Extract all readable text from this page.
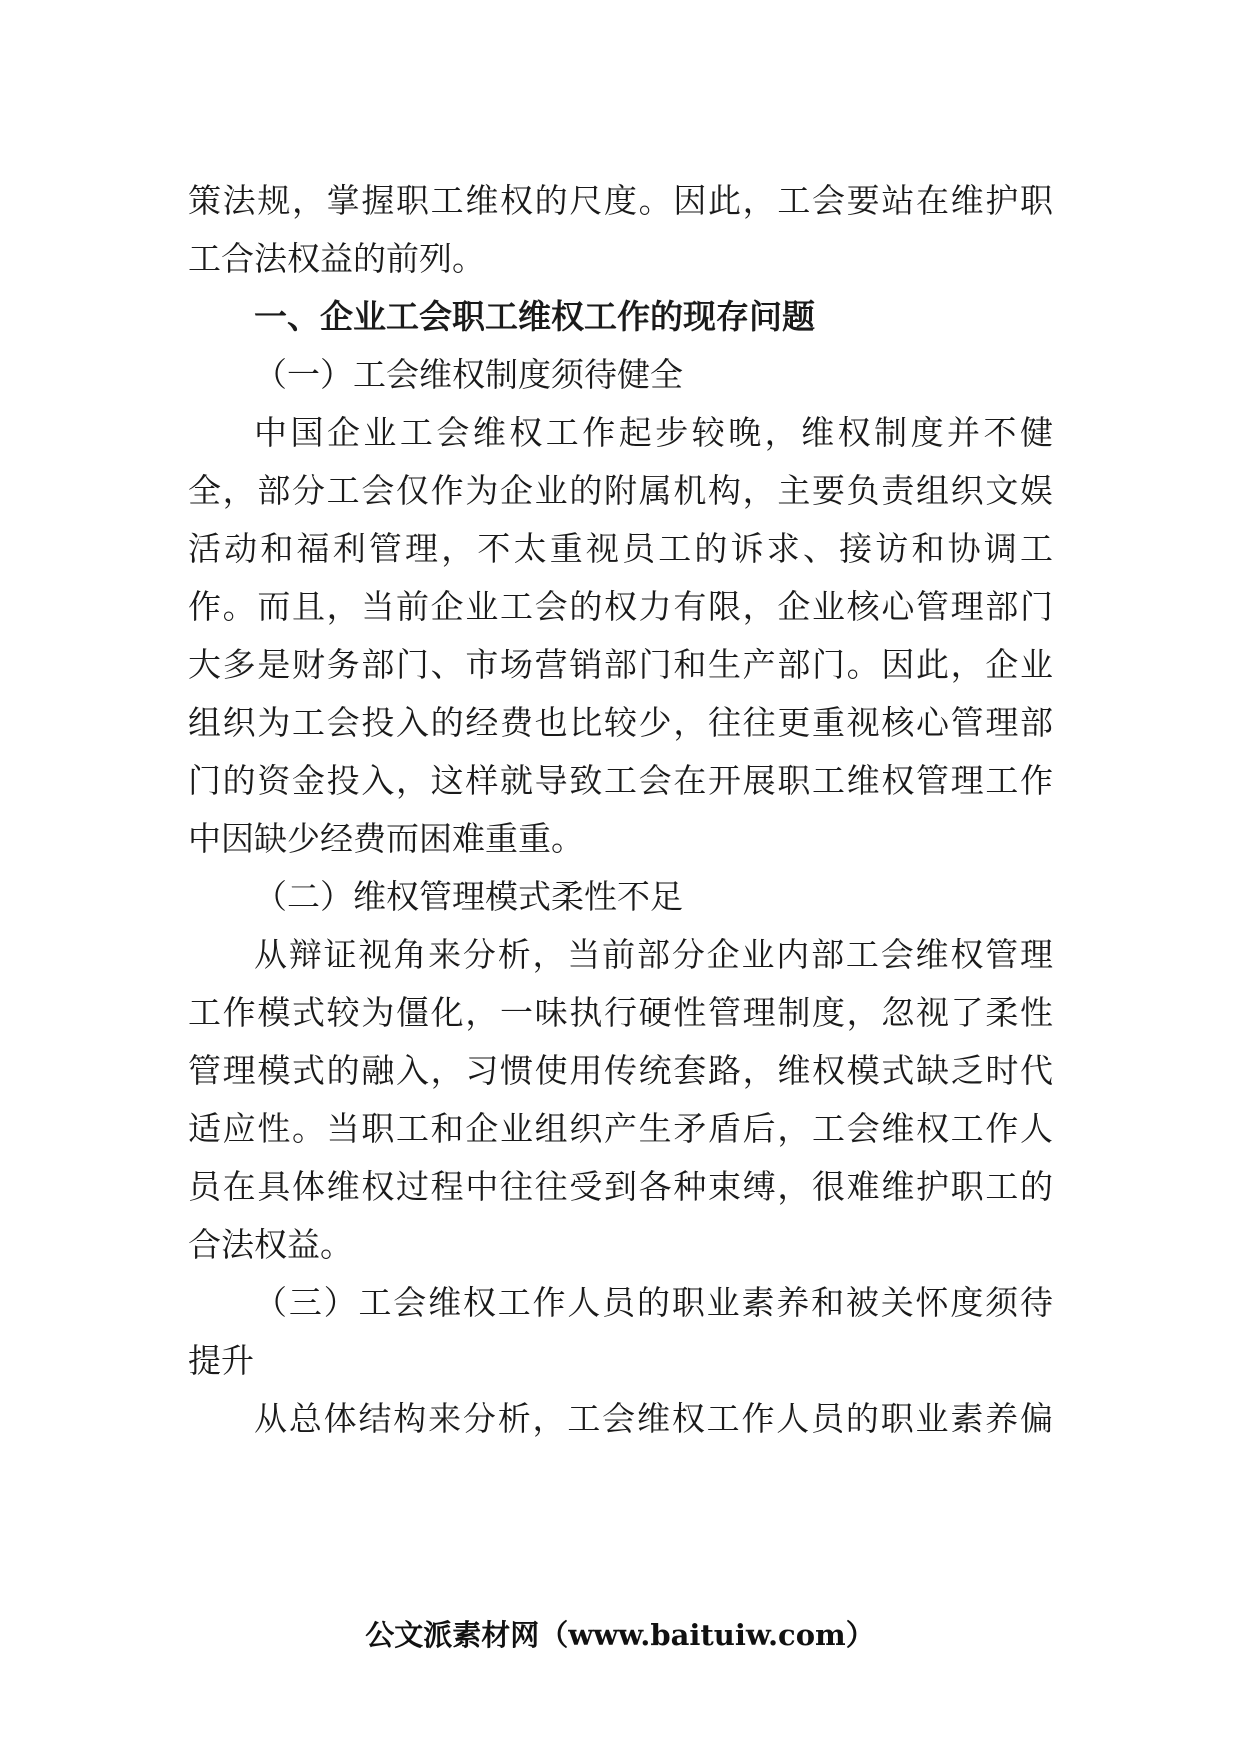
策法规，掌握职工维权的尺度。因此，工会要站在维护职
工合法权益的前列。
一、企业工会职工维权工作的现存问题
（一）工会维权制度须待健全
中国企业工会维权工作起步较晚，维权制度并不健
全，部分工会仅作为企业的附属机构，主要负责组织文娱
活动和福利管理，不太重视员工的诉求、接访和协调工
作。而且，当前企业工会的权力有限，企业核心管理部门
大多是财务部门、市场营销部门和生产部门。因此，企业
组织为工会投入的经费也比较少，往往更重视核心管理部
门的资金投入，这样就导致工会在开展职工维权管理工作
中因缺少经费而困难重重。
（二）维权管理模式柔性不足
从辩证视角来分析，当前部分企业内部工会维权管理
工作模式较为僵化，一味执行硬性管理制度，忽视了柔性
管理模式的融入，习惯使用传统套路，维权模式缺乏时代
适应性。当职工和企业组织产生矛盾后，工会维权工作人
员在具体维权过程中往往受到各种束缚，很难维护职工的
合法权益。
（三）工会维权工作人员的职业素养和被关怀度须待
提升
从总体结构来分析，工会维权工作人员的职业素养偏
公文派素材网（www.baituiw.com）
